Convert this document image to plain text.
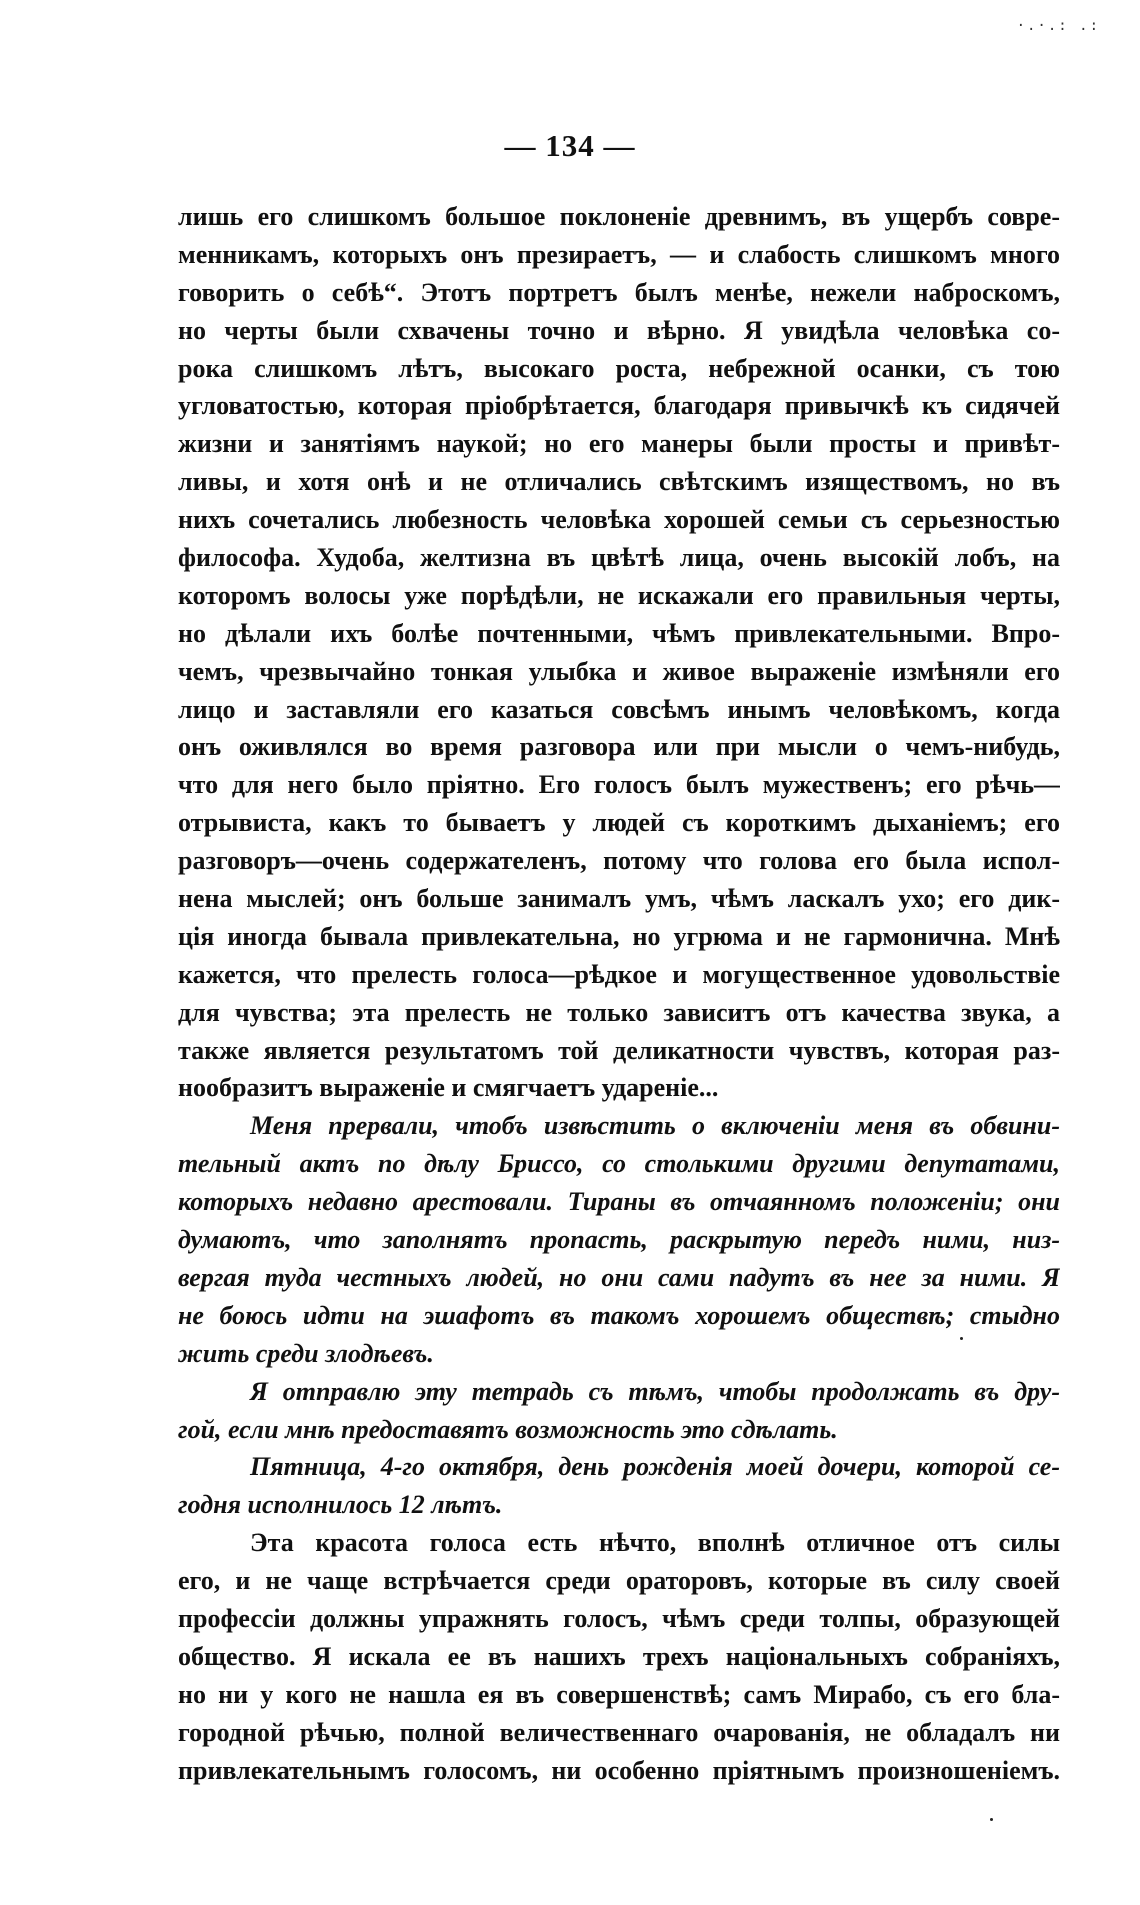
·.·.: .:
— 134 —
лишь его слишкомъ большое поклоненіе древнимъ, въ ущербъ совре-
менникамъ, которыхъ онъ презираетъ, — и слабость слишкомъ много
говорить о себѣ“. Этотъ портретъ былъ менѣе, нежели наброскомъ,
но черты были схвачены точно и вѣрно. Я увидѣла человѣка со-
рока слишкомъ лѣтъ, высокаго роста, небрежной осанки, съ тою
угловатостью, которая пріобрѣтается, благодаря привычкѣ къ сидячей
жизни и занятіямъ наукой; но его манеры были просты и привѣт-
ливы, и хотя онѣ и не отличались свѣтскимъ изяществомъ, но въ
нихъ сочетались любезность человѣка хорошей семьи съ серьезностью
философа. Худоба, желтизна въ цвѣтѣ лица, очень высокій лобъ, на
которомъ волосы уже порѣдѣли, не искажали его правильныя черты,
но дѣлали ихъ болѣе почтенными, чѣмъ привлекательными. Впро-
чемъ, чрезвычайно тонкая улыбка и живое выраженіе измѣняли его
лицо и заставляли его казаться совсѣмъ инымъ человѣкомъ, когда
онъ оживлялся во время разговора или при мысли о чемъ-нибудь,
что для него было пріятно. Его голосъ былъ мужественъ; его рѣчь—
отрывиста, какъ то бываетъ у людей съ короткимъ дыханіемъ; его
разговоръ—очень содержателенъ, потому что голова его была испол-
нена мыслей; онъ больше занималъ умъ, чѣмъ ласкалъ ухо; его дик-
ція иногда бывала привлекательна, но угрюма и не гармонична. Мнѣ
кажется, что прелесть голоса—рѣдкое и могущественное удовольствіе
для чувства; эта прелесть не только зависитъ отъ качества звука, а
также является результатомъ той деликатности чувствъ, которая раз-
нообразитъ выраженіе и смягчаетъ удареніе...
Меня прервали, чтобъ извѣстить о включеніи меня въ обвини-
тельный актъ по дѣлу Бриссо, со столькими другими депутатами,
которыхъ недавно арестовали. Тираны въ отчаянномъ положеніи; они
думаютъ, что заполнятъ пропасть, раскрытую передъ ними, низ-
вергая туда честныхъ людей, но они сами падутъ въ нее за ними. Я
не боюсь идти на эшафотъ въ такомъ хорошемъ обществѣ; стыдно
жить среди злодѣевъ.
Я отправлю эту тетрадь съ тѣмъ, чтобы продолжать въ дру-
гой, если мнѣ предоставятъ возможность это сдѣлать.
Пятница, 4-го октября, день рожденія моей дочери, которой се-
годня исполнилось 12 лѣтъ.
Эта красота голоса есть нѣчто, вполнѣ отличное отъ силы
его, и не чаще встрѣчается среди ораторовъ, которые въ силу своей
профессіи должны упражнять голосъ, чѣмъ среди толпы, образующей
общество. Я искала ее въ нашихъ трехъ національныхъ собраніяхъ,
но ни у кого не нашла ея въ совершенствѣ; самъ Мирабо, съ его бла-
городной рѣчью, полной величественнаго очарованія, не обладалъ ни
привлекательнымъ голосомъ, ни особенно пріятнымъ произношеніемъ.
